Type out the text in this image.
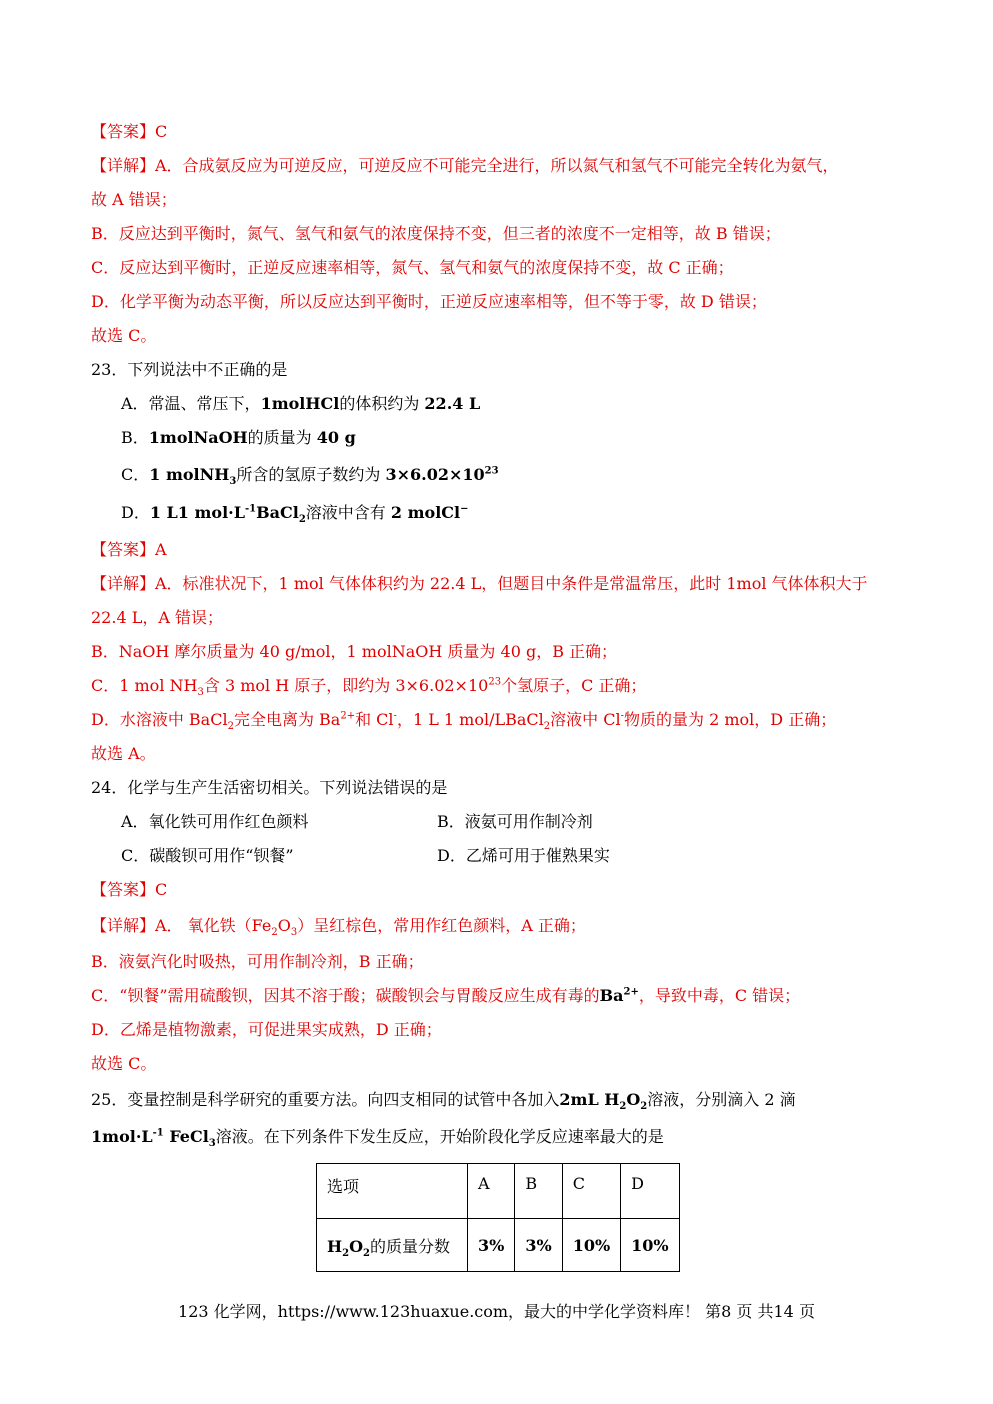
【答案】C
【详解】A．合成氨反应为可逆反应，可逆反应不可能完全进行，所以氮气和氢气不可能完全转化为氨气，
故 A 错误；
B．反应达到平衡时，氮气、氢气和氨气的浓度保持不变，但三者的浓度不一定相等，故 B 错误；
C．反应达到平衡时，正逆反应速率相等，氮气、氢气和氨气的浓度保持不变，故 C 正确；
D．化学平衡为动态平衡，所以反应达到平衡时，正逆反应速率相等，但不等于零，故 D 错误；
故选 C。
23．下列说法中不正确的是
A．常温、常压下，1molHCl的体积约为 22.4 L
B．1molNaOH的质量为 40 g
C．1 molNH$_3$所含的氢原子数约为 $3\times 6.02\times 10^{23}$
D．1 L1 $mol\cdot L^{-1}BaCl_2$溶液中含有 2 molCl−
【答案】A
【详解】A．标准状况下，1 mol 气体体积约为 22.4 L，但题目中条件是常温常压，此时 1mol 气体体积大于
22.4 L，A 错误；
B．NaOH 摩尔质量为 40 g/mol，1 molNaOH 质量为 40 g，B 正确；
C．1 mol $NH_3$含 3 mol H 原子，即约为 $3\times 6.02\times 10^{23}$个氢原子，C 正确；
D．水溶液中 BaCl$_2$完全电离为 $Ba^{2+}$和 Cl-，1 L 1 mol/LBaCl$_2$溶液中 Cl-物质的量为 2 mol，D 正确；
故选 A。
24．化学与生产生活密切相关。下列说法错误的是
A．氧化铁可用作红色颜料	B．液氨可用作制冷剂
C．碳酸钡可用作“钡餐”	D．乙烯可用于催熟果实
【答案】C
【详解】A． 氧化铁$(Fe_2O_3)$呈红棕色，常用作红色颜料，A 正确；
B．液氨汽化时吸热，可用作制冷剂，B 正确；
C．“钡餐”需用硫酸钡，因其不溶于酸；碳酸钡会与胃酸反应生成有毒的$Ba^{2+}$，导致中毒，C 错误；
D．乙烯是植物激素，可促进果实成熟，D 正确；
故选 C。
25．变量控制是科学研究的重要方法。向四支相同的试管中各加入2mL $H_2O_2$溶液，分别滴入 2 滴
$1mol\cdot L^{-1}$ FeCl$_3$溶液。在下列条件下发生反应，开始阶段化学反应速率最大的是
选项	A	B	C	D
$H_2O_2$的质量分数	3%	3%	10%	10%
123 化学网，https://www.123huaxue.com，最大的中学化学资料库！ 第8 页 共14 页
